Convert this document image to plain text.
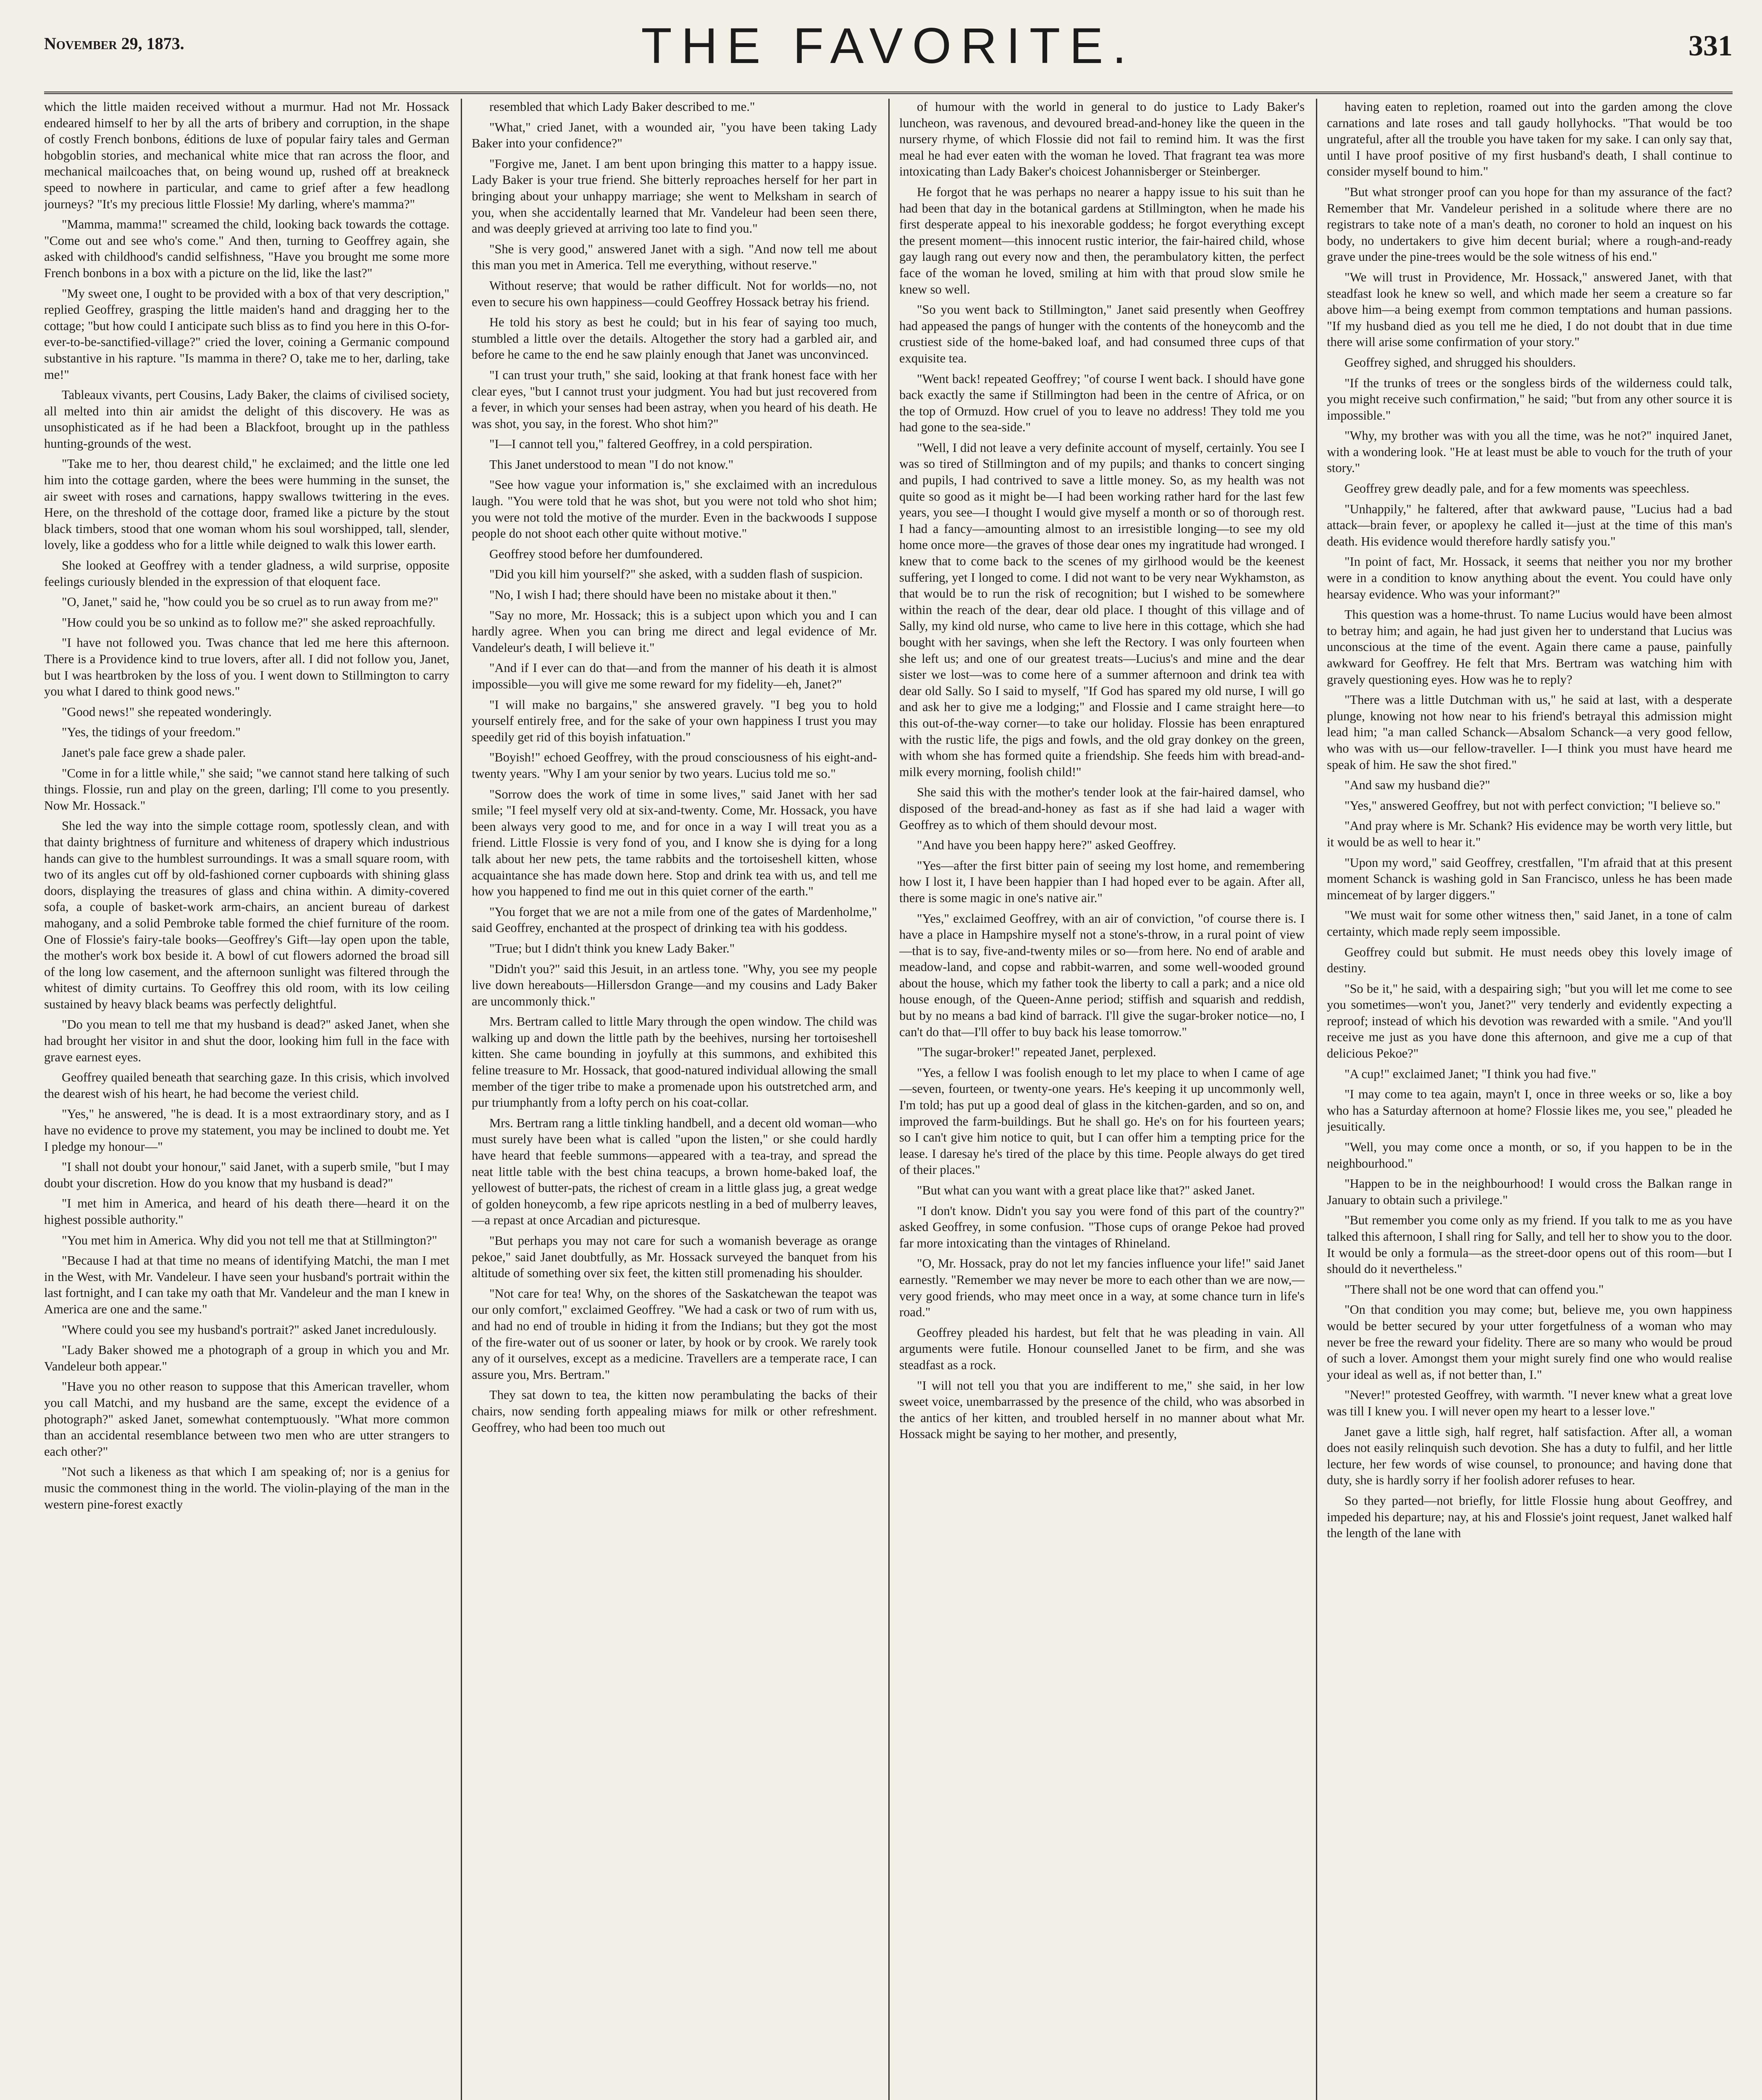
November 29, 1873.	THE FAVORITE.	331

which the little maiden received without a murmur. Had not Mr. Hossack endeared himself to her by all the arts of bribery and corruption, in the shape of costly French bonbons, éditions de luxe of popular fairy tales and German hobgoblin stories, and mechanical white mice that ran across the floor, and mechanical mailcoaches that, on being wound up, rushed off at breakneck speed to nowhere in particular, and came to grief after a few headlong journeys? "It's my precious little Flossie! My darling, where's mamma?"

"Mamma, mamma!" screamed the child, looking back towards the cottage. "Come out and see who's come." And then, turning to Geoffrey again, she asked with childhood's candid selfishness, "Have you brought me some more French bonbons in a box with a picture on the lid, like the last?"

"My sweet one, I ought to be provided with a box of that very description," replied Geoffrey, grasping the little maiden's hand and dragging her to the cottage; "but how could I anticipate such bliss as to find you here in this O-for-ever-to-be-sanctified-village?" cried the lover, coining a Germanic compound substantive in his rapture. "Is mamma in there? O, take me to her, darling, take me!"

Tableaux vivants, pert Cousins, Lady Baker, the claims of civilised society, all melted into thin air amidst the delight of this discovery. He was as unsophisticated as if he had been a Blackfoot, brought up in the pathless hunting-grounds of the west.

"Take me to her, thou dearest child," he exclaimed; and the little one led him into the cottage garden, where the bees were humming in the sunset, the air sweet with roses and carnations, happy swallows twittering in the eves. Here, on the threshold of the cottage door, framed like a picture by the stout black timbers, stood that one woman whom his soul worshipped, tall, slender, lovely, like a goddess who for a little while deigned to walk this lower earth.

She looked at Geoffrey with a tender gladness, a wild surprise, opposite feelings curiously blended in the expression of that eloquent face.

"O, Janet," said he, "how could you be so cruel as to run away from me?"

"How could you be so unkind as to follow me?" she asked reproachfully.

"I have not followed you. Twas chance that led me here this afternoon. There is a Providence kind to true lovers, after all. I did not follow you, Janet, but I was heartbroken by the loss of you. I went down to Stillmington to carry you what I dared to think good news."

"Good news!" she repeated wonderingly.

"Yes, the tidings of your freedom."

Janet's pale face grew a shade paler.

"Come in for a little while," she said; "we cannot stand here talking of such things. Flossie, run and play on the green, darling; I'll come to you presently. Now Mr. Hossack."

She led the way into the simple cottage room, spotlessly clean, and with that dainty brightness of furniture and whiteness of drapery which industrious hands can give to the humblest surroundings. It was a small square room, with two of its angles cut off by old-fashioned corner cupboards with shining glass doors, displaying the treasures of glass and china within. A dimity-covered sofa, a couple of basket-work arm-chairs, an ancient bureau of darkest mahogany, and a solid Pembroke table formed the chief furniture of the room. One of Flossie's fairy-tale books—Geoffrey's Gift—lay open upon the table, the mother's work box beside it. A bowl of cut flowers adorned the broad sill of the long low casement, and the afternoon sunlight was filtered through the whitest of dimity curtains. To Geoffrey this old room, with its low ceiling sustained by heavy black beams was perfectly delightful.

"Do you mean to tell me that my husband is dead?" asked Janet, when she had brought her visitor in and shut the door, looking him full in the face with grave earnest eyes.

Geoffrey quailed beneath that searching gaze. In this crisis, which involved the dearest wish of his heart, he had become the veriest child.

"Yes," he answered, "he is dead. It is a most extraordinary story, and as I have no evidence to prove my statement, you may be inclined to doubt me. Yet I pledge my honour—"

"I shall not doubt your honour," said Janet, with a superb smile, "but I may doubt your discretion. How do you know that my husband is dead?"

"I met him in America, and heard of his death there—heard it on the highest possible authority."

"You met him in America. Why did you not tell me that at Stillmington?"

"Because I had at that time no means of identifying Matchi, the man I met in the West, with Mr. Vandeleur. I have seen your husband's portrait within the last fortnight, and I can take my oath that Mr. Vandeleur and the man I knew in America are one and the same."

"Where could you see my husband's portrait?" asked Janet incredulously.

"Lady Baker showed me a photograph of a group in which you and Mr. Vandeleur both appear."

"Have you no other reason to suppose that this American traveller, whom you call Matchi, and my husband are the same, except the evidence of a photograph?" asked Janet, somewhat contemptuously. "What more common than an accidental resemblance between two men who are utter strangers to each other?"

"Not such a likeness as that which I am speaking of; nor is a genius for music the commonest thing in the world. The violin-playing of the man in the western pine-forest exactly

resembled that which Lady Baker described to me."

"What," cried Janet, with a wounded air, "you have been taking Lady Baker into your confidence?"

"Forgive me, Janet. I am bent upon bringing this matter to a happy issue. Lady Baker is your true friend. She bitterly reproaches herself for her part in bringing about your unhappy marriage; she went to Melksham in search of you, when she accidentally learned that Mr. Vandeleur had been seen there, and was deeply grieved at arriving too late to find you."

"She is very good," answered Janet with a sigh. "And now tell me about this man you met in America. Tell me everything, without reserve."

Without reserve; that would be rather difficult. Not for worlds—no, not even to secure his own happiness—could Geoffrey Hossack betray his friend.

He told his story as best he could; but in his fear of saying too much, stumbled a little over the details. Altogether the story had a garbled air, and before he came to the end he saw plainly enough that Janet was unconvinced.

"I can trust your truth," she said, looking at that frank honest face with her clear eyes, "but I cannot trust your judgment. You had but just recovered from a fever, in which your senses had been astray, when you heard of his death. He was shot, you say, in the forest. Who shot him?"

"I—I cannot tell you," faltered Geoffrey, in a cold perspiration.

This Janet understood to mean "I do not know."

"See how vague your information is," she exclaimed with an incredulous laugh. "You were told that he was shot, but you were not told who shot him; you were not told the motive of the murder. Even in the backwoods I suppose people do not shoot each other quite without motive."

Geoffrey stood before her dumfoundered.

"Did you kill him yourself?" she asked, with a sudden flash of suspicion.

"No, I wish I had; there should have been no mistake about it then."

"Say no more, Mr. Hossack; this is a subject upon which you and I can hardly agree. When you can bring me direct and legal evidence of Mr. Vandeleur's death, I will believe it."

"And if I ever can do that—and from the manner of his death it is almost impossible—you will give me some reward for my fidelity—eh, Janet?"

"I will make no bargains," she answered gravely. "I beg you to hold yourself entirely free, and for the sake of your own happiness I trust you may speedily get rid of this boyish infatuation."

"Boyish!" echoed Geoffrey, with the proud consciousness of his eight-and-twenty years. "Why I am your senior by two years. Lucius told me so."

"Sorrow does the work of time in some lives," said Janet with her sad smile; "I feel myself very old at six-and-twenty. Come, Mr. Hossack, you have been always very good to me, and for once in a way I will treat you as a friend. Little Flossie is very fond of you, and I know she is dying for a long talk about her new pets, the tame rabbits and the tortoiseshell kitten, whose acquaintance she has made down here. Stop and drink tea with us, and tell me how you happened to find me out in this quiet corner of the earth."

"You forget that we are not a mile from one of the gates of Mardenholme," said Geoffrey, enchanted at the prospect of drinking tea with his goddess.

"True; but I didn't think you knew Lady Baker."

"Didn't you?" said this Jesuit, in an artless tone. "Why, you see my people live down hereabouts—Hillersdon Grange—and my cousins and Lady Baker are uncommonly thick."

Mrs. Bertram called to little Mary through the open window. The child was walking up and down the little path by the beehives, nursing her tortoiseshell kitten. She came bounding in joyfully at this summons, and exhibited this feline treasure to Mr. Hossack, that good-natured individual allowing the small member of the tiger tribe to make a promenade upon his outstretched arm, and pur triumphantly from a lofty perch on his coat-collar.

Mrs. Bertram rang a little tinkling handbell, and a decent old woman—who must surely have been what is called "upon the listen," or she could hardly have heard that feeble summons—appeared with a tea-tray, and spread the neat little table with the best china teacups, a brown home-baked loaf, the yellowest of butter-pats, the richest of cream in a little glass jug, a great wedge of golden honeycomb, a few ripe apricots nestling in a bed of mulberry leaves,—a repast at once Arcadian and picturesque.

"But perhaps you may not care for such a womanish beverage as orange pekoe," said Janet doubtfully, as Mr. Hossack surveyed the banquet from his altitude of something over six feet, the kitten still promenading his shoulder.

"Not care for tea! Why, on the shores of the Saskatchewan the teapot was our only comfort," exclaimed Geoffrey. "We had a cask or two of rum with us, and had no end of trouble in hiding it from the Indians; but they got the most of the fire-water out of us sooner or later, by hook or by crook. We rarely took any of it ourselves, except as a medicine. Travellers are a temperate race, I can assure you, Mrs. Bertram."

They sat down to tea, the kitten now perambulating the backs of their chairs, now sending forth appealing miaws for milk or other refreshment. Geoffrey, who had been too much out

of humour with the world in general to do justice to Lady Baker's luncheon, was ravenous, and devoured bread-and-honey like the queen in the nursery rhyme, of which Flossie did not fail to remind him. It was the first meal he had ever eaten with the woman he loved. That fragrant tea was more intoxicating than Lady Baker's choicest Johannisberger or Steinberger.

He forgot that he was perhaps no nearer a happy issue to his suit than he had been that day in the botanical gardens at Stillmington, when he made his first desperate appeal to his inexorable goddess; he forgot everything except the present moment—this innocent rustic interior, the fair-haired child, whose gay laugh rang out every now and then, the perambulatory kitten, the perfect face of the woman he loved, smiling at him with that proud slow smile he knew so well.

"So you went back to Stillmington," Janet said presently when Geoffrey had appeased the pangs of hunger with the contents of the honeycomb and the crustiest side of the home-baked loaf, and had consumed three cups of that exquisite tea.

"Went back! repeated Geoffrey; "of course I went back. I should have gone back exactly the same if Stillmington had been in the centre of Africa, or on the top of Ormuzd. How cruel of you to leave no address! They told me you had gone to the sea-side."

"Well, I did not leave a very definite account of myself, certainly. You see I was so tired of Stillmington and of my pupils; and thanks to concert singing and pupils, I had contrived to save a little money. So, as my health was not quite so good as it might be—I had been working rather hard for the last few years, you see—I thought I would give myself a month or so of thorough rest. I had a fancy—amounting almost to an irresistible longing—to see my old home once more—the graves of those dear ones my ingratitude had wronged. I knew that to come back to the scenes of my girlhood would be the keenest suffering, yet I longed to come. I did not want to be very near Wykhamston, as that would be to run the risk of recognition; but I wished to be somewhere within the reach of the dear, dear old place. I thought of this village and of Sally, my kind old nurse, who came to live here in this cottage, which she had bought with her savings, when she left the Rectory. I was only fourteen when she left us; and one of our greatest treats—Lucius's and mine and the dear sister we lost—was to come here of a summer afternoon and drink tea with dear old Sally. So I said to myself, "If God has spared my old nurse, I will go and ask her to give me a lodging;" and Flossie and I came straight here—to this out-of-the-way corner—to take our holiday. Flossie has been enraptured with the rustic life, the pigs and fowls, and the old gray donkey on the green, with whom she has formed quite a friendship. She feeds him with bread-and-milk every morning, foolish child!"

She said this with the mother's tender look at the fair-haired damsel, who disposed of the bread-and-honey as fast as if she had laid a wager with Geoffrey as to which of them should devour most.

"And have you been happy here?" asked Geoffrey.

"Yes—after the first bitter pain of seeing my lost home, and remembering how I lost it, I have been happier than I had hoped ever to be again. After all, there is some magic in one's native air."

"Yes," exclaimed Geoffrey, with an air of conviction, "of course there is. I have a place in Hampshire myself not a stone's-throw, in a rural point of view—that is to say, five-and-twenty miles or so—from here. No end of arable and meadow-land, and copse and rabbit-warren, and some well-wooded ground about the house, which my father took the liberty to call a park; and a nice old house enough, of the Queen-Anne period; stiffish and squarish and reddish, but by no means a bad kind of barrack. I'll give the sugar-broker notice—no, I can't do that—I'll offer to buy back his lease tomorrow."

"The sugar-broker!" repeated Janet, perplexed.

"Yes, a fellow I was foolish enough to let my place to when I came of age—seven, fourteen, or twenty-one years. He's keeping it up uncommonly well, I'm told; has put up a good deal of glass in the kitchen-garden, and so on, and improved the farm-buildings. But he shall go. He's on for his fourteen years; so I can't give him notice to quit, but I can offer him a tempting price for the lease. I daresay he's tired of the place by this time. People always do get tired of their places."

"But what can you want with a great place like that?" asked Janet.

"I don't know. Didn't you say you were fond of this part of the country?" asked Geoffrey, in some confusion. "Those cups of orange Pekoe had proved far more intoxicating than the vintages of Rhineland.

"O, Mr. Hossack, pray do not let my fancies influence your life!" said Janet earnestly. "Remember we may never be more to each other than we are now,—very good friends, who may meet once in a way, at some chance turn in life's road."

Geoffrey pleaded his hardest, but felt that he was pleading in vain. All arguments were futile. Honour counselled Janet to be firm, and she was steadfast as a rock.

"I will not tell you that you are indifferent to me," she said, in her low sweet voice, unembarrassed by the presence of the child, who was absorbed in the antics of her kitten, and troubled herself in no manner about what Mr. Hossack might be saying to her mother, and presently,

having eaten to repletion, roamed out into the garden among the clove carnations and late roses and tall gaudy hollyhocks. "That would be too ungrateful, after all the trouble you have taken for my sake. I can only say that, until I have proof positive of my first husband's death, I shall continue to consider myself bound to him."

"But what stronger proof can you hope for than my assurance of the fact? Remember that Mr. Vandeleur perished in a solitude where there are no registrars to take note of a man's death, no coroner to hold an inquest on his body, no undertakers to give him decent burial; where a rough-and-ready grave under the pine-trees would be the sole witness of his end."

"We will trust in Providence, Mr. Hossack," answered Janet, with that steadfast look he knew so well, and which made her seem a creature so far above him—a being exempt from common temptations and human passions. "If my husband died as you tell me he died, I do not doubt that in due time there will arise some confirmation of your story."

Geoffrey sighed, and shrugged his shoulders.

"If the trunks of trees or the songless birds of the wilderness could talk, you might receive such confirmation," he said; "but from any other source it is impossible."

"Why, my brother was with you all the time, was he not?" inquired Janet, with a wondering look. "He at least must be able to vouch for the truth of your story."

Geoffrey grew deadly pale, and for a few moments was speechless.

"Unhappily," he faltered, after that awkward pause, "Lucius had a bad attack—brain fever, or apoplexy he called it—just at the time of this man's death. His evidence would therefore hardly satisfy you."

"In point of fact, Mr. Hossack, it seems that neither you nor my brother were in a condition to know anything about the event. You could have only hearsay evidence. Who was your informant?"

This question was a home-thrust. To name Lucius would have been almost to betray him; and again, he had just given her to understand that Lucius was unconscious at the time of the event. Again there came a pause, painfully awkward for Geoffrey. He felt that Mrs. Bertram was watching him with gravely questioning eyes. How was he to reply?

"There was a little Dutchman with us," he said at last, with a desperate plunge, knowing not how near to his friend's betrayal this admission might lead him; "a man called Schanck—Absalom Schanck—a very good fellow, who was with us—our fellow-traveller. I—I think you must have heard me speak of him. He saw the shot fired."

"And saw my husband die?"

"Yes," answered Geoffrey, but not with perfect conviction; "I believe so."

"And pray where is Mr. Schank? His evidence may be worth very little, but it would be as well to hear it."

"Upon my word," said Geoffrey, crestfallen, "I'm afraid that at this present moment Schanck is washing gold in San Francisco, unless he has been made mincemeat of by larger diggers."

"We must wait for some other witness then," said Janet, in a tone of calm certainty, which made reply seem impossible.

Geoffrey could but submit. He must needs obey this lovely image of destiny.

"So be it," he said, with a despairing sigh; "but you will let me come to see you sometimes—won't you, Janet?" very tenderly and evidently expecting a reproof; instead of which his devotion was rewarded with a smile. "And you'll receive me just as you have done this afternoon, and give me a cup of that delicious Pekoe?"

"A cup!" exclaimed Janet; "I think you had five."

"I may come to tea again, mayn't I, once in three weeks or so, like a boy who has a Saturday afternoon at home? Flossie likes me, you see," pleaded he jesuitically.

"Well, you may come once a month, or so, if you happen to be in the neighbourhood."

"Happen to be in the neighbourhood! I would cross the Balkan range in January to obtain such a privilege."

"But remember you come only as my friend. If you talk to me as you have talked this afternoon, I shall ring for Sally, and tell her to show you to the door. It would be only a formula—as the street-door opens out of this room—but I should do it nevertheless."

"There shall not be one word that can offend you."

"On that condition you may come; but, believe me, you own happiness would be better secured by your utter forgetfulness of a woman who may never be free the reward your fidelity. There are so many who would be proud of such a lover. Amongst them your might surely find one who would realise your ideal as well as, if not better than, I."

"Never!" protested Geoffrey, with warmth. "I never knew what a great love was till I knew you. I will never open my heart to a lesser love."

Janet gave a little sigh, half regret, half satisfaction. After all, a woman does not easily relinquish such devotion. She has a duty to fulfil, and her little lecture, her few words of wise counsel, to pronounce; and having done that duty, she is hardly sorry if her foolish adorer refuses to hear.

So they parted—not briefly, for little Flossie hung about Geoffrey, and impeded his departure; nay, at his and Flossie's joint request, Janet walked half the length of the lane with
